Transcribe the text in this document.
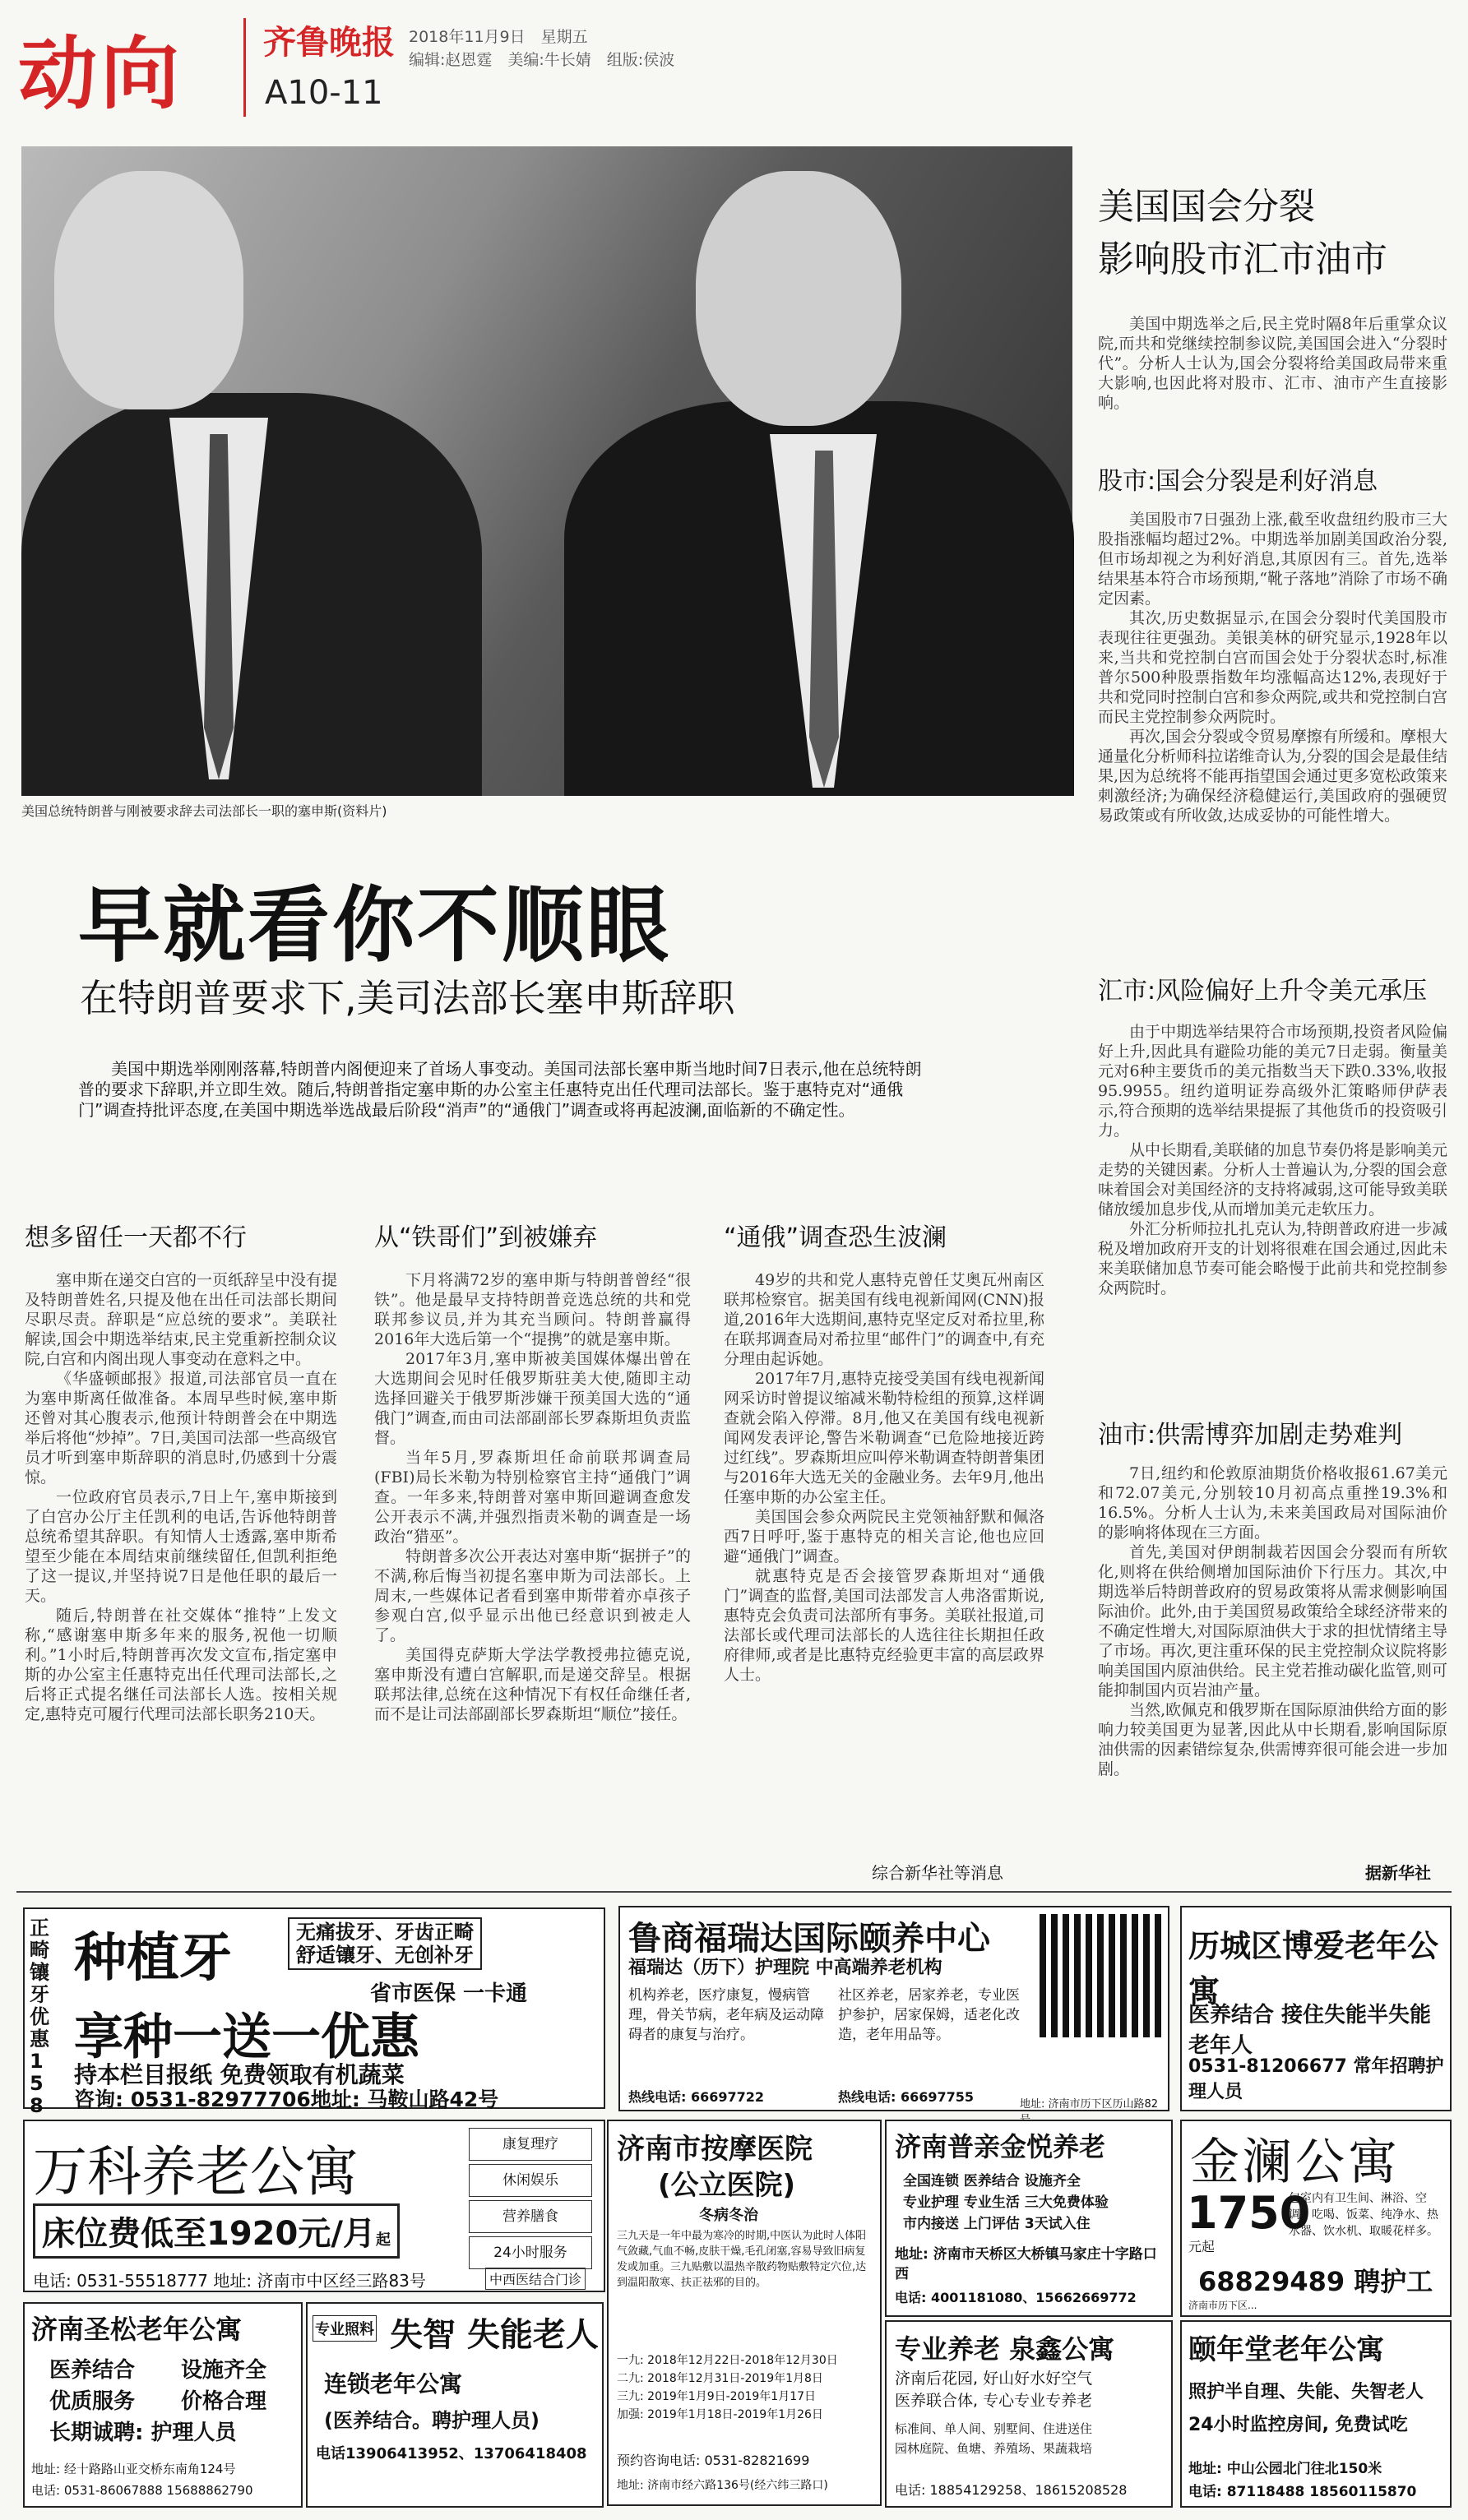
动向 齐鲁晚报
A10-11
2018年11月9日　星期五
编辑:赵恩霆　美编:牛长婧　组版:侯波
美国总统特朗普与刚被要求辞去司法部长一职的塞申斯(资料片)
早就看你不顺眼
在特朗普要求下,美司法部长塞申斯辞职
美国中期选举刚刚落幕,特朗普内阁便迎来了首场人事变动。美国司法部长塞申斯当地时间7日表示,他在总统特朗普的要求下辞职,并立即生效。随后,特朗普指定塞申斯的办公室主任惠特克出任代理司法部长。鉴于惠特克对“通俄门”调查持批评态度,在美国中期选举选战最后阶段“消声”的“通俄门”调查或将再起波澜,面临新的不确定性。
想多留任一天都不行

塞申斯在递交白宫的一页纸辞呈中没有提及特朗普姓名,只提及他在出任司法部长期间尽职尽责。辞职是“应总统的要求”。美联社解读,国会中期选举结束,民主党重新控制众议院,白宫和内阁出现人事变动在意料之中。

《华盛顿邮报》报道,司法部官员一直在为塞申斯离任做准备。本周早些时候,塞申斯还曾对其心腹表示,他预计特朗普会在中期选举后将他“炒掉”。7日,美国司法部一些高级官员才听到塞申斯辞职的消息时,仍感到十分震惊。

一位政府官员表示,7日上午,塞申斯接到了白宫办公厅主任凯利的电话,告诉他特朗普总统希望其辞职。有知情人士透露,塞申斯希望至少能在本周结束前继续留任,但凯利拒绝了这一提议,并坚持说7日是他任职的最后一天。

随后,特朗普在社交媒体“推特”上发文称,“感谢塞申斯多年来的服务,祝他一切顺利。”1小时后,特朗普再次发文宣布,指定塞申斯的办公室主任惠特克出任代理司法部长,之后将正式提名继任司法部长人选。按相关规定,惠特克可履行代理司法部长职务210天。

从“铁哥们”到被嫌弃

下月将满72岁的塞申斯与特朗普曾经“很铁”。他是最早支持特朗普竞选总统的共和党联邦参议员,并为其充当顾问。特朗普赢得2016年大选后第一个“提携”的就是塞申斯。

2017年3月,塞申斯被美国媒体爆出曾在大选期间会见时任俄罗斯驻美大使,随即主动选择回避关于俄罗斯涉嫌干预美国大选的“通俄门”调查,而由司法部副部长罗森斯坦负责监督。

当年5月,罗森斯坦任命前联邦调查局(FBI)局长米勒为特别检察官主持“通俄门”调查。一年多来,特朗普对塞申斯回避调查愈发公开表示不满,并强烈指责米勒的调查是一场政治“猎巫”。

特朗普多次公开表达对塞申斯“据拼子”的不满,称后悔当初提名塞申斯为司法部长。上周末,一些媒体记者看到塞申斯带着亦卓孩子参观白宫,似乎显示出他已经意识到被走人了。

美国得克萨斯大学法学教授弗拉德克说,塞申斯没有遭白宫解职,而是递交辞呈。根据联邦法律,总统在这种情况下有权任命继任者,而不是让司法部副部长罗森斯坦“顺位”接任。

“通俄”调查恐生波澜

49岁的共和党人惠特克曾任艾奥瓦州南区联邦检察官。据美国有线电视新闻网(CNN)报道,2016年大选期间,惠特克坚定反对希拉里,称在联邦调查局对希拉里“邮件门”的调查中,有充分理由起诉她。

2017年7月,惠特克接受美国有线电视新闻网采访时曾提议缩减米勒特检组的预算,这样调查就会陷入停滞。8月,他又在美国有线电视新闻网发表评论,警告米勒调查“已危险地接近跨过红线”。罗森斯坦应叫停米勒调查特朗普集团与2016年大选无关的金融业务。去年9月,他出任塞申斯的办公室主任。

美国国会参众两院民主党领袖舒默和佩洛西7日呼吁,鉴于惠特克的相关言论,他也应回避“通俄门”调查。

就惠特克是否会接管罗森斯坦对“通俄门”调查的监督,美国司法部发言人弗洛雷斯说,惠特克会负责司法部所有事务。美联社报道,司法部长或代理司法部长的人选往往长期担任政府律师,或者是比惠特克经验更丰富的高层政界人士。

综合新华社等消息
美国国会分裂
影响股市汇市油市

美国中期选举之后,民主党时隔8年后重掌众议院,而共和党继续控制参议院,美国国会进入“分裂时代”。分析人士认为,国会分裂将给美国政局带来重大影响,也因此将对股市、汇市、油市产生直接影响。

股市:国会分裂是利好消息

美国股市7日强劲上涨,截至收盘纽约股市三大股指涨幅均超过2%。中期选举加剧美国政治分裂,但市场却视之为利好消息,其原因有三。首先,选举结果基本符合市场预期,“靴子落地”消除了市场不确定因素。

其次,历史数据显示,在国会分裂时代美国股市表现往往更强劲。美银美林的研究显示,1928年以来,当共和党控制白宫而国会处于分裂状态时,标准普尔500种股票指数年均涨幅高达12%,表现好于共和党同时控制白宫和参众两院,或共和党控制白宫而民主党控制参众两院时。

再次,国会分裂或令贸易摩擦有所缓和。摩根大通量化分析师科拉诺维奇认为,分裂的国会是最佳结果,因为总统将不能再指望国会通过更多宽松政策来刺激经济;为确保经济稳健运行,美国政府的强硬贸易政策或有所收敛,达成妥协的可能性增大。

汇市:风险偏好上升令美元承压

由于中期选举结果符合市场预期,投资者风险偏好上升,因此具有避险功能的美元7日走弱。衡量美元对6种主要货币的美元指数当天下跌0.33%,收报95.9955。纽约道明证券高级外汇策略师伊萨表示,符合预期的选举结果提振了其他货币的投资吸引力。

从中长期看,美联储的加息节奏仍将是影响美元走势的关键因素。分析人士普遍认为,分裂的国会意味着国会对美国经济的支持将减弱,这可能导致美联储放缓加息步伐,从而增加美元走软压力。

外汇分析师拉扎扎克认为,特朗普政府进一步减税及增加政府开支的计划将很难在国会通过,因此未来美联储加息节奏可能会略慢于此前共和党控制参众两院时。

油市:供需博弈加剧走势难判

7日,纽约和伦敦原油期货价格收报61.67美元和72.07美元,分别较10月初高点重挫19.3%和16.5%。分析人士认为,未来美国政局对国际油价的影响将体现在三方面。

首先,美国对伊朗制裁若因国会分裂而有所软化,则将在供给侧增加国际油价下行压力。其次,中期选举后特朗普政府的贸易政策将从需求侧影响国际油价。此外,由于美国贸易政策给全球经济带来的不确定性增大,对国际原油供大于求的担忧情绪主导了市场。再次,更注重环保的民主党控制众议院将影响美国国内原油供给。民主党若推动碳化监管,则可能抑制国内页岩油产量。

当然,欧佩克和俄罗斯在国际原油供给方面的影响力较美国更为显著,因此从中长期看,影响国际原油供需的因素错综复杂,供需博弈很可能会进一步加剧。

据新华社
正畸镶牙优惠158
种植牙	无痛拔牙、牙齿正畸
舒适镶牙、无创补牙
省市医保 一卡通
享种一送一优惠
持本栏目报纸 免费领取有机蔬菜
咨询: 0531-82977706地址: 马鞍山路42号
鲁商福瑞达国际颐养中心
福瑞达（历下）护理院 中高端养老机构
机构养老，医疗康复，慢病管理，骨关节病，老年病及运动障碍者的康复与治疗。
社区养老，居家养老，专业医护参护，居家保姆，适老化改造，老年用品等。
热线电话: 66697722	热线电话: 66697755	地址: 济南市历下区历山路82
历城区博爱老年公寓
医养结合 接住失能半失能老年人
0531-81206677 常年招聘护理人员
万科养老公寓
床位费低至1920元/月起
康复理疗
休闲娱乐
营养膳食
24小时服务
电话: 0531-55518777 地址: 济南市中区经三路83号	中西医结合门诊
济南市按摩医院
(公立医院)
冬病冬治
三九天是一年中最为寒冷的时期,中医认为此时人体阳气敛藏,气血不畅,皮肤干燥,毛孔闭塞,容易导致旧病复发或加重。三九贴敷以温热辛散药物贴敷特定穴位,达到温阳散寒、扶正祛邪的目的。
一九: 2018年12月22日-2018年12月30日
二九: 2018年12月31日-2019年1月8日
三九: 2019年1月9日-2019年1月17日
加强: 2019年1月18日-2019年1月26日
预约咨询电话: 0531-82821699
地址: 济南市经六路136号(经六纬三路口)
济南普亲金悦养老
全国连锁 医养结合 设施齐全
专业护理 专业生活 三大免费体验
市内接送 上门评估 3天试入住
地址: 济南市天桥区大桥镇马家庄十字路口西
电话: 4001181080、15662669772
金澜公寓
1750
元起
包室内有卫生间、淋浴、空调、吃喝、饭菜、纯净水、热水器、饮水机、取暖花样多。
68829489 聘护工
济南市历下区...
济南圣松老年公寓
医养结合
优质服务
长期诚聘: 护理人员
设施齐全
价格合理
地址: 经十路路山亚交桥东南角124号
电话: 0531-86067888 15688862790
专业照料 失智 失能老人
连锁老年公寓
(医养结合。聘护理人员)
电话13906413952、13706418408
专业养老 泉鑫公寓
济南后花园, 好山好水好空气
医养联合体, 专心专业专养老
标准间、单人间、别墅间、住进送住
园林庭院、鱼塘、养殖场、果蔬栽培
电话: 18854129258、18615208528
颐年堂老年公寓
照护半自理、失能、失智老人
24小时监控房间, 免费试吃
地址: 中山公园北门往北150米
电话: 87118488 18560115870
